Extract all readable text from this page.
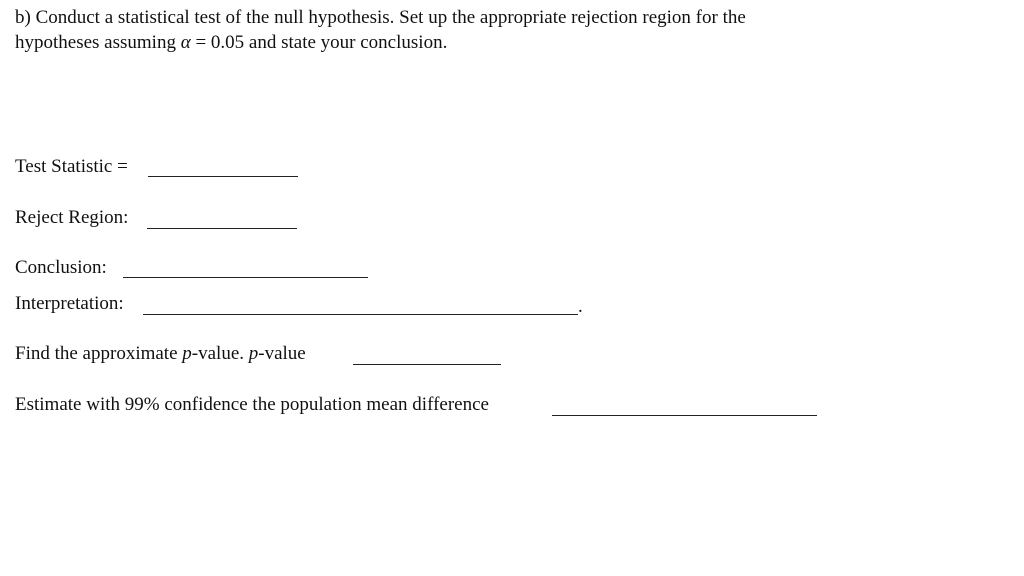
b) Conduct a statistical test of the null hypothesis. Set up the appropriate rejection region for the
hypotheses assuming α = 0.05 and state your conclusion.
Test Statistic =
Reject Region:
Conclusion:
Interpretation:	.
Find the approximate p-value. p-value
Estimate with 99% confidence the population mean difference
